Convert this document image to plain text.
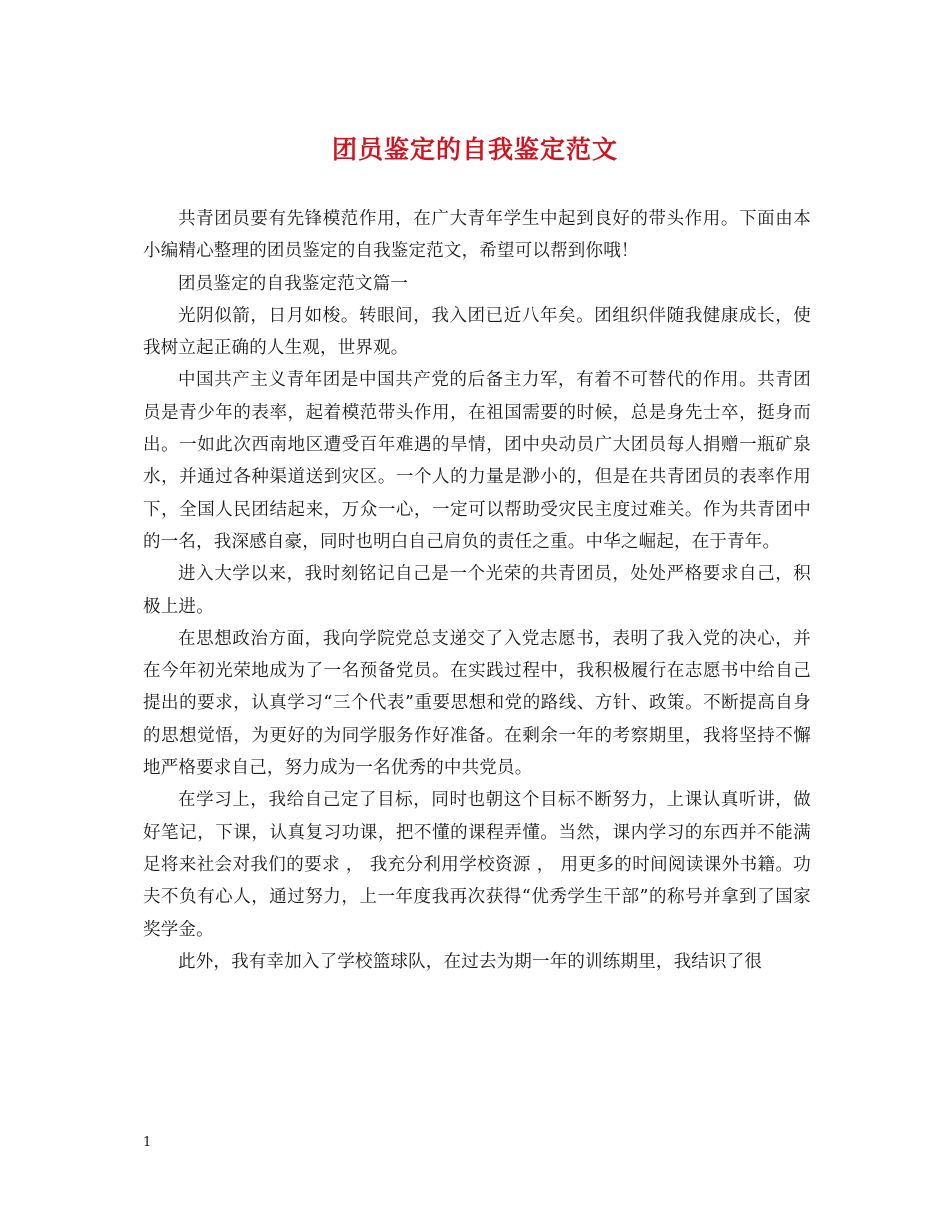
团员鉴定的自我鉴定范文

共青团员要有先锋模范作用，在广大青年学生中起到良好的带头作用。下面由本小编精心整理的团员鉴定的自我鉴定范文，希望可以帮到你哦！

团员鉴定的自我鉴定范文篇一

光阴似箭，日月如梭。转眼间，我入团已近八年矣。团组织伴随我健康成长，使我树立起正确的人生观，世界观。

中国共产主义青年团是中国共产党的后备主力军，有着不可替代的作用。共青团员是青少年的表率，起着模范带头作用，在祖国需要的时候，总是身先士卒，挺身而出。一如此次西南地区遭受百年难遇的旱情，团中央动员广大团员每人捐赠一瓶矿泉水，并通过各种渠道送到灾区。一个人的力量是渺小的，但是在共青团员的表率作用下，全国人民团结起来，万众一心，一定可以帮助受灾民主度过难关。作为共青团中的一名，我深感自豪，同时也明白自己肩负的责任之重。中华之崛起，在于青年。

进入大学以来，我时刻铭记自己是一个光荣的共青团员，处处严格要求自己，积极上进。

在思想政治方面，我向学院党总支递交了入党志愿书，表明了我入党的决心，并在今年初光荣地成为了一名预备党员。在实践过程中，我积极履行在志愿书中给自己提出的要求，认真学习“三个代表”重要思想和党的路线、方针、政策。不断提高自身的思想觉悟，为更好的为同学服务作好准备。在剩余一年的考察期里，我将坚持不懈地严格要求自己，努力成为一名优秀的中共党员。

在学习上，我给自己定了目标，同时也朝这个目标不断努力，上课认真听讲，做好笔记，下课，认真复习功课，把不懂的课程弄懂。当然，课内学习的东西并不能满足将来社会对我们的要求 ， 我充分利用学校资源 ， 用更多的时间阅读课外书籍。功夫不负有心人，通过努力，上一年度我再次获得“优秀学生干部”的称号并拿到了国家奖学金。

此外，我有幸加入了学校篮球队，在过去为期一年的训练期里，我结识了很

1
